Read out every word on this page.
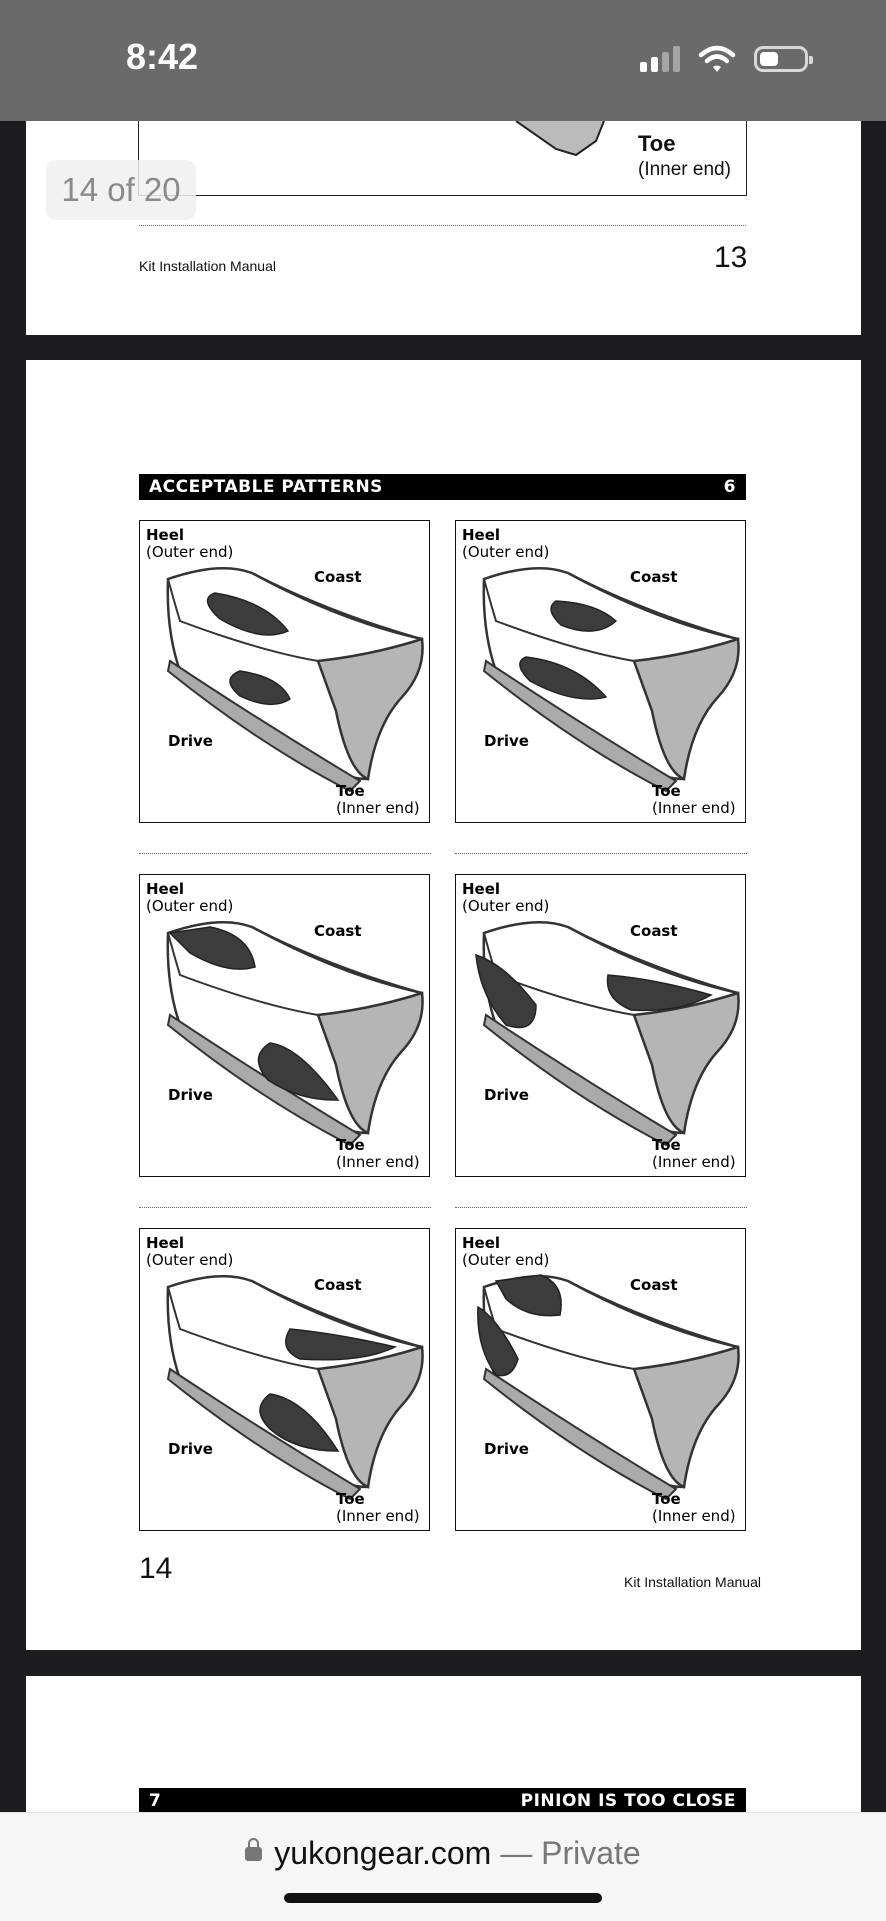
8:42
Toe
(Inner end)
Kit Installation Manual	13
14 of 20
ACCEPTABLE PATTERNS	6
Heel
(Outer end)
Coast
Drive
Toe
(Inner end)
Heel
(Outer end)
Coast
Drive
Toe
(Inner end)
Heel
(Outer end)
Coast
Drive
Toe
(Inner end)
Heel
(Outer end)
Coast
Drive
Toe
(Inner end)
Heel
(Outer end)
Coast
Drive
Toe
(Inner end)
Heel
(Outer end)
Coast
Drive
Toe
(Inner end)
14	Kit Installation Manual
7	PINION IS TOO CLOSE
yukongear.com — Private
